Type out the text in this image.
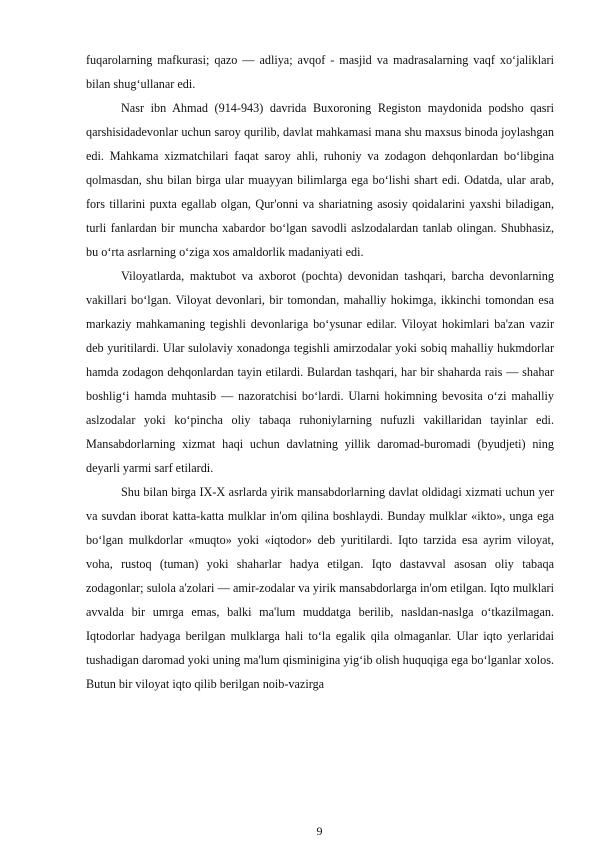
fuqarolarning mafkurasi; qazo — adliya; avqof - masjid va madrasalarning vaqf xo‘jaliklari bilan shug‘ullanar edi.

Nasr ibn Ahmad (914-943) davrida Buxoroning Registon maydonida podsho qasri qarshisidadevonlar uchun saroy qurilib, davlat mahkamasi mana shu maxsus binoda joylashgan edi. Mahkama xizmatchilari faqat saroy ahli, ruhoniy va zodagon dehqonlardan bo‘libgina qolmasdan, shu bilan birga ular muayyan bilimlarga ega bo‘lishi shart edi. Odatda, ular arab, fors tillarini puxta egallab olgan, Qur'onni va shariatning asosiy qoidalarini yaxshi biladigan, turli fanlardan bir muncha xabardor bo‘lgan savodli aslzodalardan tanlab olingan. Shubhasiz, bu o‘rta asrlarning o‘ziga xos amaldorlik madaniyati edi.

Viloyatlarda, maktubot va axborot (pochta) devonidan tashqari, barcha devonlarning vakillari bo‘lgan. Viloyat devonlari, bir tomondan, mahalliy hokimga, ikkinchi tomondan esa markaziy mahkamaning tegishli devonlariga bo‘ysunar edilar. Viloyat hokimlari ba'zan vazir deb yuritilardi. Ular sulolaviy xonadonga tegishli amirzodalar yoki sobiq mahalliy hukmdorlar hamda zodagon dehqonlardan tayin etilardi. Bulardan tashqari, har bir shaharda rais — shahar boshlig‘i hamda muhtasib — nazoratchisi bo‘lardi. Ularni hokimning bevosita o‘zi mahalliy aslzodalar yoki ko‘pincha oliy tabaqa ruhoniylarning nufuzli vakillaridan tayinlar edi. Mansabdorlarning xizmat haqi uchun davlatning yillik daromad-buromadi (byudjeti) ning deyarli yarmi sarf etilardi.

Shu bilan birga IX-X asrlarda yirik mansabdorlarning davlat oldidagi xizmati uchun yer va suvdan iborat katta-katta mulklar in'om qilina boshlaydi. Bunday mulklar «ikto», unga ega bo‘lgan mulkdorlar «muqto» yoki «iqtodor» deb yuritilardi. Iqto tarzida esa ayrim viloyat, voha, rustoq (tuman) yoki shaharlar hadya etilgan. Iqto dastavval asosan oliy tabaqa zodagonlar; sulola a'zolari — amir-zodalar va yirik mansabdorlarga in'om etilgan. Iqto mulklari avvalda bir umrga emas, balki ma'lum muddatga berilib, nasldan-naslga o‘tkazilmagan. Iqtodorlar hadyaga berilgan mulklarga hali to‘la egalik qila olmaganlar. Ular iqto yerlaridai tushadigan daromad yoki uning ma'lum qisminigina yig‘ib olish huquqiga ega bo‘lganlar xolos. Butun bir viloyat iqto qilib berilgan noib-vazirga

9
